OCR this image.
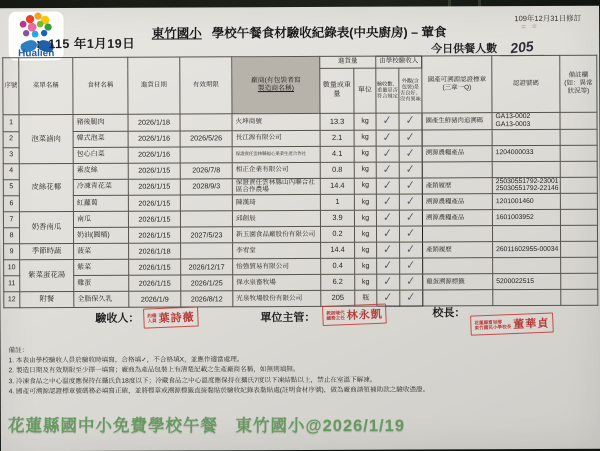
Hualien
：115 年1月19日
東竹國小 學校午餐食材驗收紀錄表(中央廚房) – 葷食
109年12月31日修訂
= =
今日供餐人數 205
序號	菜單名稱	食材名稱	進貨日期	有效期限	廠商(有包裝者寫
製造商名稱)	進貨量		由學校驗收人		國產可溯源認證標章(三章一Q)	認證號碼	備註欄(如：異常狀況等)
						數量或重量	單位	驗收數、重量是否符合規定	外觀(含包裝)是否良好、沒有異味			
1	泡菜滷肉	豬後腿肉	2026/1/18		火坤商號	13.3	kg	✓	✓	國產生鮮豬肉追溯碼	GA13-0002
GA13-0003	
2		韓式泡菜	2026/1/16	2026/5/26	長江源有限公司	2.1	kg	✓	✓			
3		包心白菜	2026/1/16		保證責任雲林縣福心果菜生產合作社	4.1	kg	✓	✓	溯源農糧產品	1204000033	
4	皮絲花椰	素皮絲	2026/1/15	2026/7/8	相正企業有限公司	0.8	kg	✓	✓			
5		冷凍青花菜	2026/1/15	2028/9/3	保證責任雲林縣山內聯合社區合作農場	14.4	kg	✓	✓	產銷履歷	25030551792-23001
25030551792-22146	
6		紅蘿蔔	2026/1/15		陳漢琦	1	kg	✓	✓	溯源農糧產品	1201001460	
7	奶香南瓜	南瓜	2026/1/15		邱創辰	3.9	kg	✓	✓	溯源農糧產品	1601003952	
8		奶油(圓桶)	2026/1/15	2027/5/23	新玉園食品廠股份有限公司	0.2	kg	✓	✓			
9	季節時蔬	菠菜	2026/1/18		李宥堂	14.4	kg	✓	✓	產銷履歷	26011602955-00034	
10	紫菜蛋花湯	紫菜	2026/1/15	2026/12/17	怡強貿易有限公司	0.4	kg	✓	✓			
11		雞蛋	2026/1/15	2026/1/25	保水泉畜牧場	6.2	kg	✓	✓	雞蛋溯源標籤	5200022515	
12	附餐	全脂保久乳	2026/1/9	2026/8/12	光泉牧場股份有限公司	205	瓶	✓	✓			
驗收人： 約僱
人員 葉詩薇	單位主管： 教師兼代
總務主任 林永凱	校長：
花蓮縣富里鄉
東竹國民小學校長 董華貞
備註：
1. 本表由學校驗收人員於驗收時填寫，合格填✓，不合格填X，並應作適當處理。
2. 製造日期及有效期限至少擇一填寫；廠商為產品包裝上有清楚記載之生產廠商名稱，如無則填無。
3. 冷凍食品之中心溫度應保持在攝氏負18度以下；冷藏食品之中心溫度應保持在攝氏7度以下凍結點以上，禁止在室溫下解凍。
4. 國產可溯源認證標章號碼務必填寫正確，並將標章或溯源標籤直接黏貼於驗收紀錄表黏貼處(註明食材序號)，做為廠商請領補助款之驗收憑證。
花蓮縣國中小免費學校午餐　東竹國小@2026/1/19
